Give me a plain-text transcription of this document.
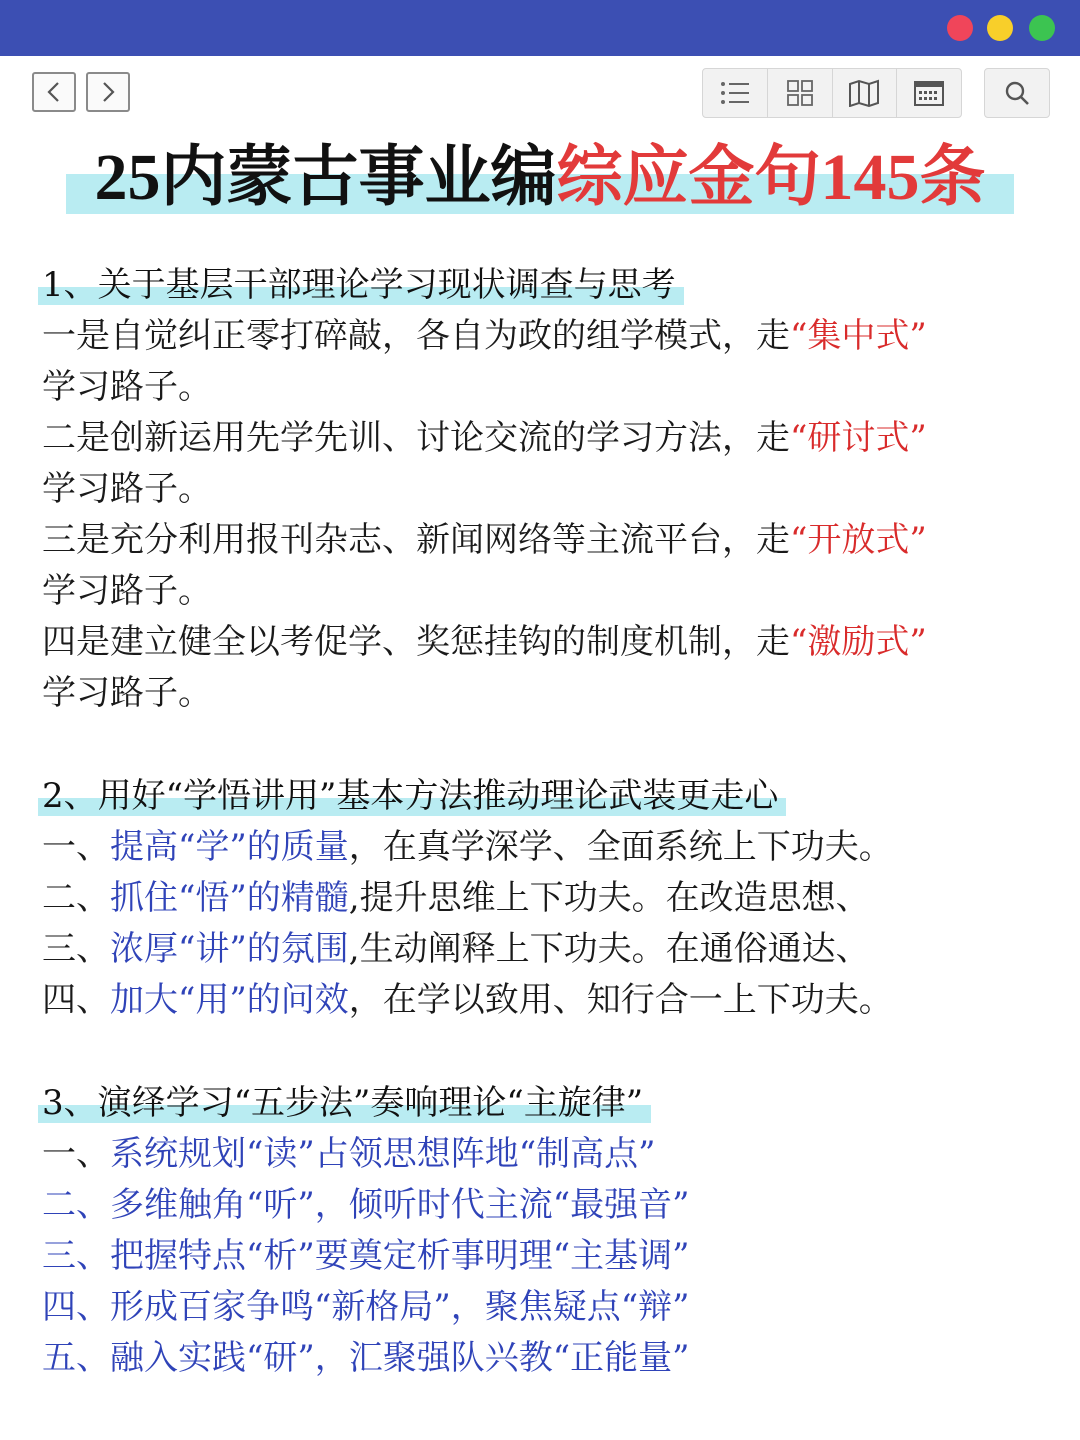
25内蒙古事业编综应金句145条
1、关于基层干部理论学习现状调查与思考
一是自觉纠正零打碎敲，各自为政的组学模式，走“集中式”
学习路子。
二是创新运用先学先训、讨论交流的学习方法，走“研讨式”
学习路子。
三是充分利用报刊杂志、新闻网络等主流平台，走“开放式”
学习路子。
四是建立健全以考促学、奖惩挂钩的制度机制，走“激励式”
学习路子。
2、用好“学悟讲用”基本方法推动理论武装更走心
一、提高“学”的质量，在真学深学、全面系统上下功夫。
二、抓住“悟”的精髓,提升思维上下功夫。在改造思想、
三、浓厚“讲”的氛围,生动阐释上下功夫。在通俗通达、
四、加大“用”的问效，在学以致用、知行合一上下功夫。
3、演绎学习“五步法”奏响理论“主旋律”
一、系统规划“读”占领思想阵地“制高点”
二、多维触角“听”，倾听时代主流“最强音”
三、把握特点“析”要奠定析事明理“主基调”
四、形成百家争鸣“新格局”，聚焦疑点“辩”
五、融入实践“研”，汇聚强队兴教“正能量”
